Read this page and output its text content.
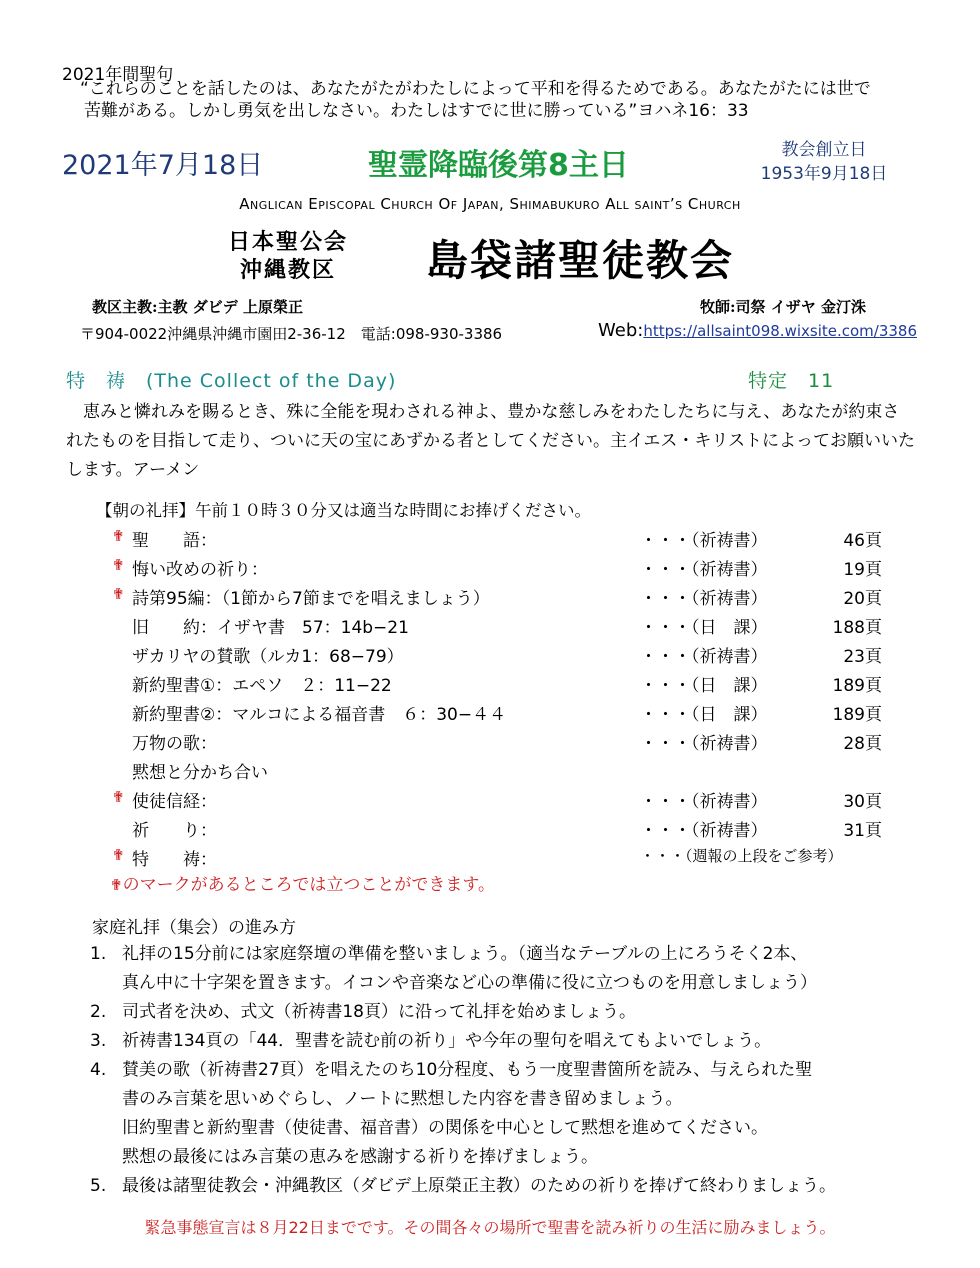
2021年間聖句
“これらのことを話したのは、あなたがたがわたしによって平和を得るためである。あなたがたには世で
苦難がある。しかし勇気を出しなさい。わたしはすでに世に勝っている”ヨハネ16：33
2021年7月18日	聖霊降臨後第8主日	教会創立日
1953年9月18日
Anglican Episcopal Church Of Japan, Shimabukuro All saint’s Church
日本聖公会
沖縄教区 島袋諸聖徒教会
教区主教:主教 ダビデ 上原榮正	牧師:司祭 イザヤ 金汀洙
〒904-0022沖縄県沖縄市園田2-36-12　電話:098-930-3386	Web:https://allsaint098.wixsite.com/3386
特　祷　(The Collect of the Day)	特定　11
　恵みと憐れみを賜るとき、殊に全能を現わされる神よ、豊かな慈しみをわたしたちに与え、あなたが約束されたものを目指して走り、ついに天の宝にあずかる者としてください。主イエス・キリストによってお願いいたします。アーメン
【朝の礼拝】午前１０時３０分又は適当な時間にお捧げください。
✟ 聖　　語：	・・・（祈祷書）	46頁
✟ 悔い改めの祈り：	・・・（祈祷書）	19頁
✟ 詩第95編：（1節から7節までを唱えましょう）	・・・（祈祷書）	20頁
旧　　約：イザヤ書　57：14b−21	・・・（日　課）	188頁
ザカリヤの賛歌（ルカ1：68−79）	・・・（祈祷書）	23頁
新約聖書①：エペソ　２：11−22	・・・（日　課）	189頁
新約聖書②：マルコによる福音書　６：30−４４	・・・（日　課）	189頁
万物の歌：	・・・（祈祷書）	28頁
黙想と分かち合い
✟ 使徒信経：	・・・（祈祷書）	30頁
祈　　り：	・・・（祈祷書）	31頁
✟ 特　　祷：	・・・（週報の上段をご参考）
✟のマークがあるところでは立つことができます。
家庭礼拝（集会）の進み方
1. 礼拝の15分前には家庭祭壇の準備を整いましょう。（適当なテーブルの上にろうそく2本、
真ん中に十字架を置きます。イコンや音楽など心の準備に役に立つものを用意しましょう）
2. 司式者を決め、式文（祈祷書18頁）に沿って礼拝を始めましょう。
3. 祈祷書134頁の「44．聖書を読む前の祈り」や今年の聖句を唱えてもよいでしょう。
4. 賛美の歌（祈祷書27頁）を唱えたのち10分程度、もう一度聖書箇所を読み、与えられた聖
書のみ言葉を思いめぐらし、ノートに黙想した内容を書き留めましょう。
旧約聖書と新約聖書（使徒書、福音書）の関係を中心として黙想を進めてください。
黙想の最後にはみ言葉の恵みを感謝する祈りを捧げましょう。
5. 最後は諸聖徒教会・沖縄教区（ダビデ上原榮正主教）のための祈りを捧げて終わりましょう。
緊急事態宣言は８月22日までです。その間各々の場所で聖書を読み祈りの生活に励みましょう。
